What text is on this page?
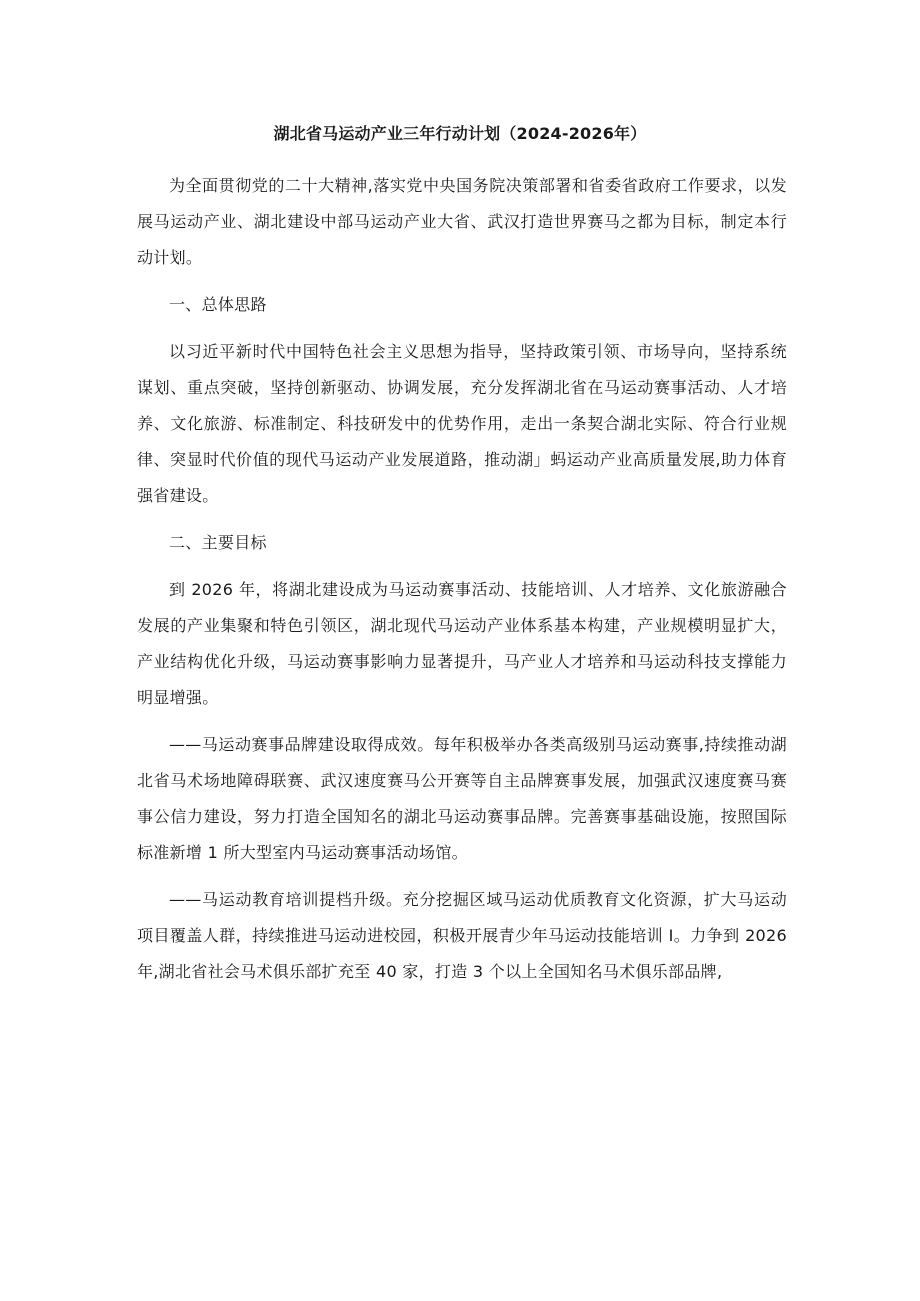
湖北省马运动产业三年行动计划（2024-2026年）

为全面贯彻党的二十大精神,落实党中央国务院决策部署和省委省政府工作要求，以发展马运动产业、湖北建设中部马运动产业大省、武汉打造世界赛马之都为目标，制定本行动计划。

一、总体思路

以习近平新时代中国特色社会主义思想为指导，坚持政策引领、市场导向，坚持系统谋划、重点突破，坚持创新驱动、协调发展，充分发挥湖北省在马运动赛事活动、人才培养、文化旅游、标准制定、科技研发中的优势作用，走出一条契合湖北实际、符合行业规律、突显时代价值的现代马运动产业发展道路，推动湖」蚂运动产业高质量发展,助力体育强省建设。

二、主要目标

到 2026 年，将湖北建设成为马运动赛事活动、技能培训、人才培养、文化旅游融合发展的产业集聚和特色引领区，湖北现代马运动产业体系基本构建，产业规模明显扩大，产业结构优化升级，马运动赛事影响力显著提升，马产业人才培养和马运动科技支撑能力明显增强。

——马运动赛事品牌建设取得成效。每年积极举办各类高级别马运动赛事,持续推动湖北省马术场地障碍联赛、武汉速度赛马公开赛等自主品牌赛事发展，加强武汉速度赛马赛事公信力建设，努力打造全国知名的湖北马运动赛事品牌。完善赛事基础设施，按照国际标准新增 1 所大型室内马运动赛事活动场馆。

——马运动教育培训提档升级。充分挖掘区域马运动优质教育文化资源，扩大马运动项目覆盖人群，持续推进马运动进校园，积极开展青少年马运动技能培训 I。力争到 2026 年,湖北省社会马术俱乐部扩充至 40 家，打造 3 个以上全国知名马术俱乐部品牌,
